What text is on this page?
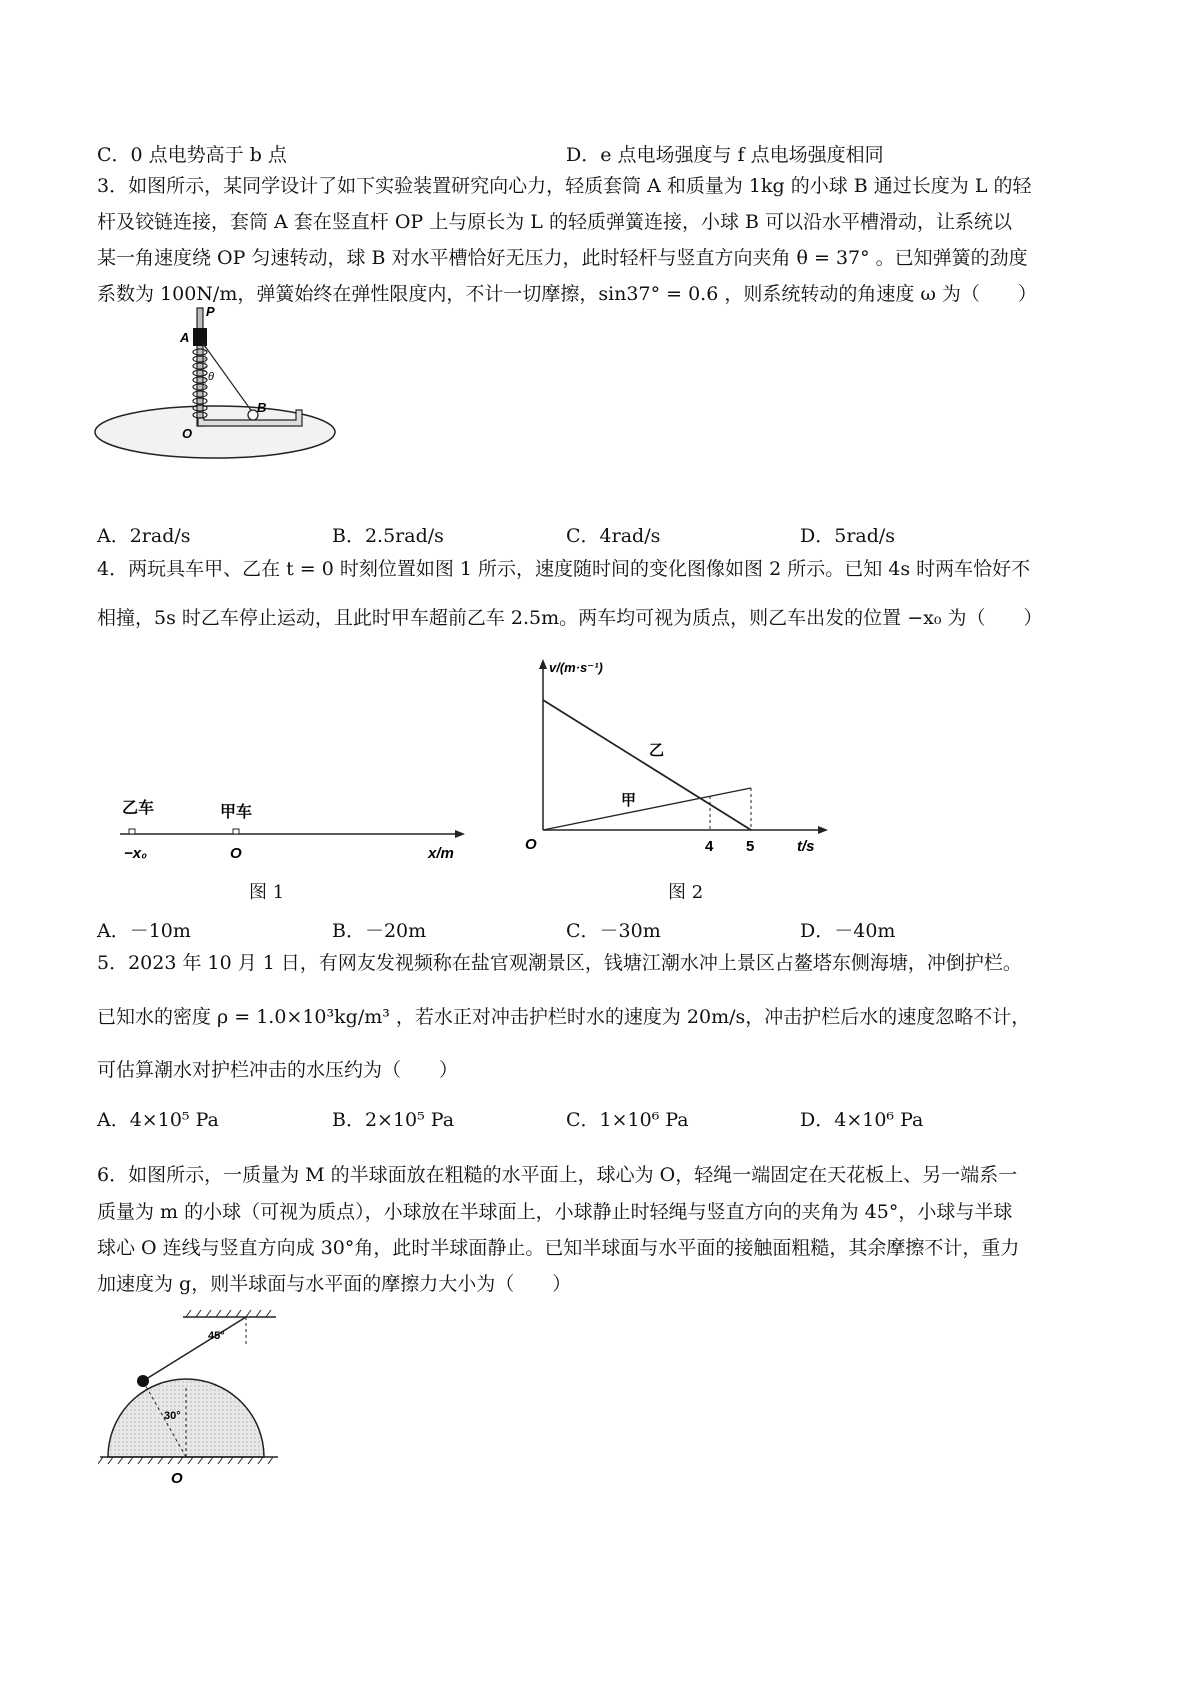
C．0 点电势高于 b 点	D．e 点电场强度与 f 点电场强度相同
3．如图所示，某同学设计了如下实验装置研究向心力，轻质套筒 A 和质量为 1kg 的小球 B 通过长度为 L 的轻
杆及铰链连接，套筒 A 套在竖直杆 OP 上与原长为 L 的轻质弹簧连接，小球 B 可以沿水平槽滑动，让系统以
某一角速度绕 OP 匀速转动，球 B 对水平槽恰好无压力，此时轻杆与竖直方向夹角 θ = 37° 。已知弹簧的劲度
系数为 100N/m，弹簧始终在弹性限度内，不计一切摩擦，sin37° = 0.6 ，则系统转动的角速度 ω 为（　　）
P
A
θ
B
O
A．2rad/s	B．2.5rad/s	C．4rad/s	D．5rad/s
4．两玩具车甲、乙在 t = 0 时刻位置如图 1 所示，速度随时间的变化图像如图 2 所示。已知 4s 时两车恰好不
相撞，5s 时乙车停止运动，且此时甲车超前乙车 2.5m。两车均可视为质点，则乙车出发的位置 −x₀ 为（　　）
乙车	甲车
−x₀	O	x/m
图 1
v/(m·s⁻¹)
t/s
O	4 5
乙
甲
图 2
A．－10m	B．－20m	C．－30m	D．－40m
5．2023 年 10 月 1 日，有网友发视频称在盐官观潮景区，钱塘江潮水冲上景区占鳌塔东侧海塘，冲倒护栏。
已知水的密度 ρ = 1.0×10³kg/m³ ，若水正对冲击护栏时水的速度为 20m/s，冲击护栏后水的速度忽略不计，
可估算潮水对护栏冲击的水压约为（　　）
A．4×10⁵ Pa	B．2×10⁵ Pa	C．1×10⁶ Pa	D．4×10⁶ Pa
6．如图所示，一质量为 M 的半球面放在粗糙的水平面上，球心为 O，轻绳一端固定在天花板上、另一端系一
质量为 m 的小球（可视为质点），小球放在半球面上，小球静止时轻绳与竖直方向的夹角为 45°，小球与半球
球心 O 连线与竖直方向成 30°角，此时半球面静止。已知半球面与水平面的接触面粗糙，其余摩擦不计，重力
加速度为 g，则半球面与水平面的摩擦力大小为（　　）
45°
30°
O
